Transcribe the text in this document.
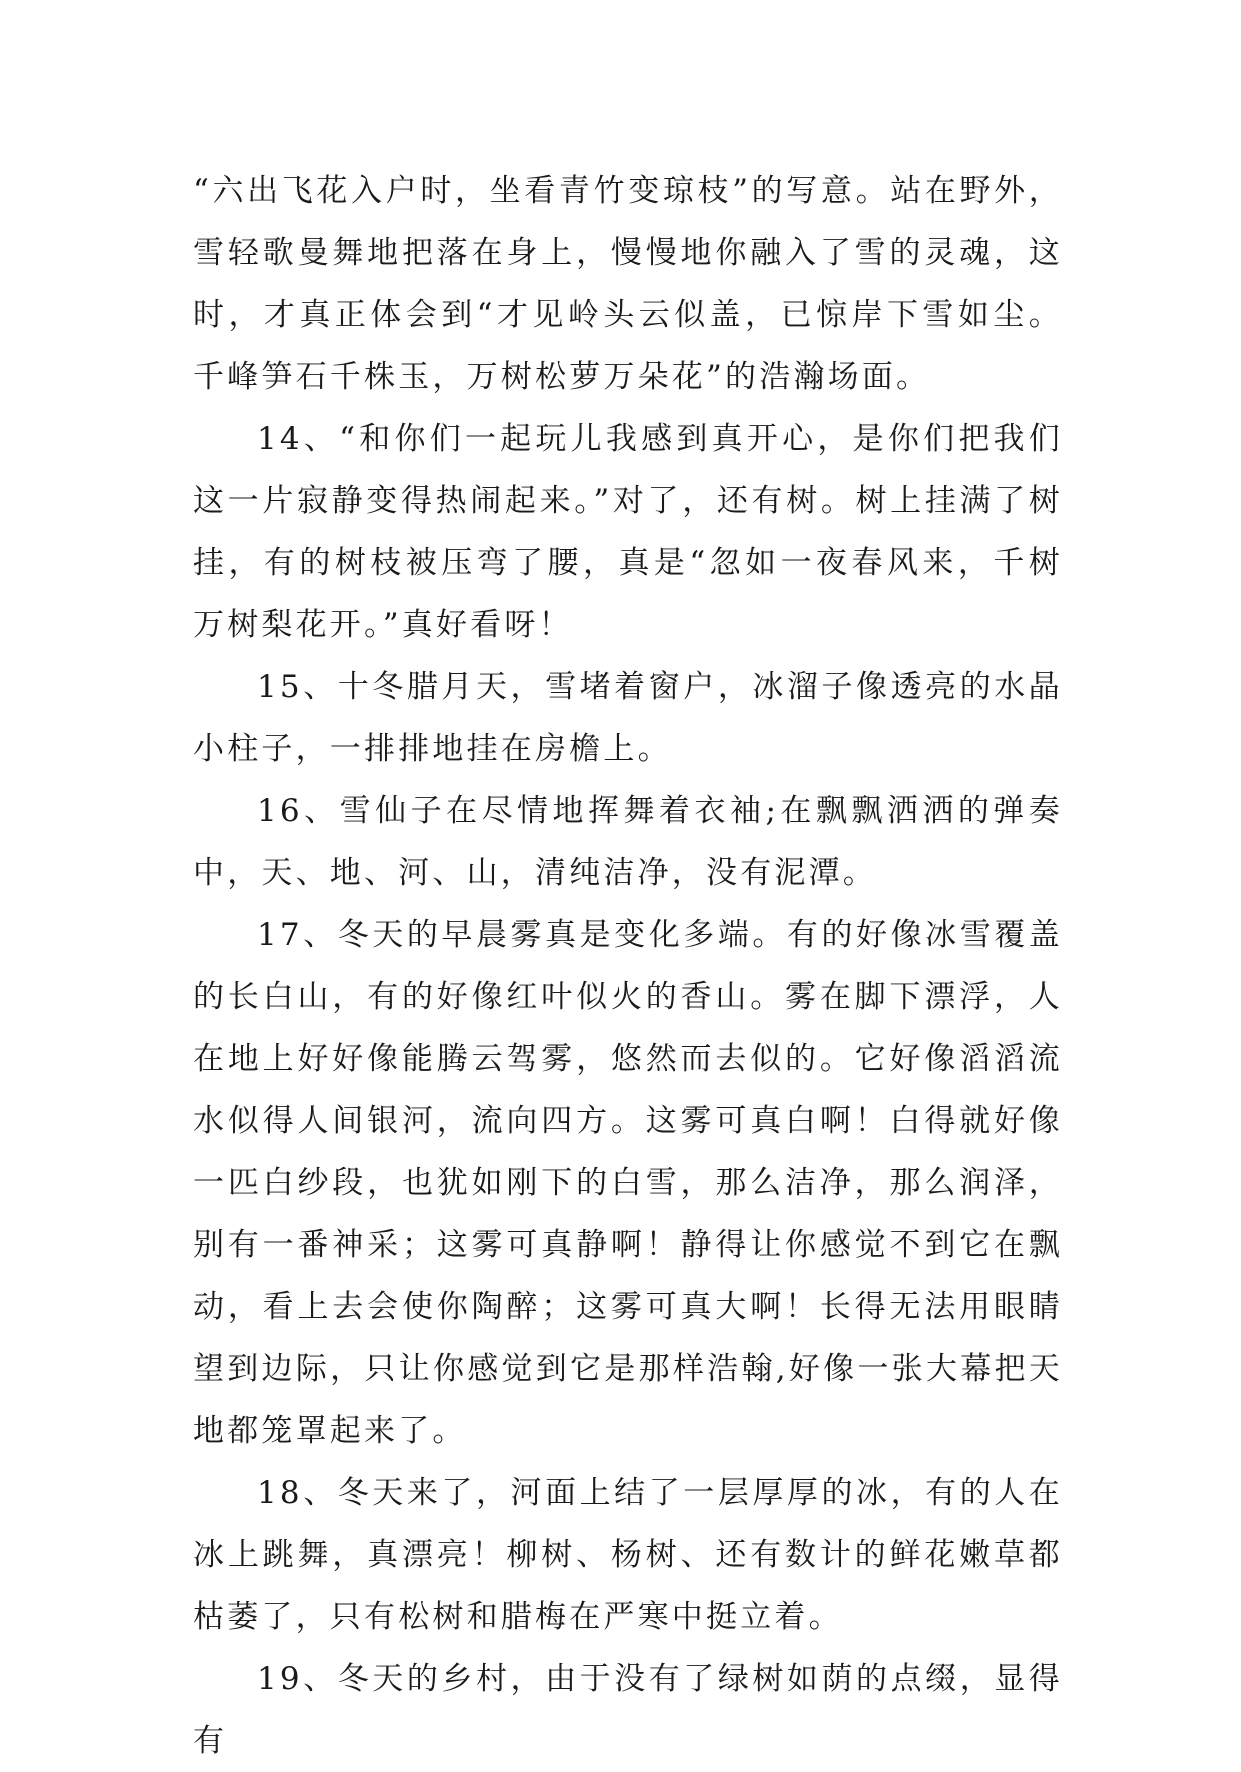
“六出飞花入户时，坐看青竹变琼枝”的写意。站在野外，雪轻歌曼舞地把落在身上，慢慢地你融入了雪的灵魂，这时，才真正体会到“才见岭头云似盖，已惊岸下雪如尘。千峰笋石千株玉，万树松萝万朵花”的浩瀚场面。

14、“和你们一起玩儿我感到真开心，是你们把我们这一片寂静变得热闹起来。”对了，还有树。树上挂满了树挂，有的树枝被压弯了腰，真是“忽如一夜春风来，千树万树梨花开。”真好看呀！

15、十冬腊月天，雪堵着窗户，冰溜子像透亮的水晶小柱子，一排排地挂在房檐上。

16、雪仙子在尽情地挥舞着衣袖;在飘飘洒洒的弹奏中，天、地、河、山，清纯洁净，没有泥潭。

17、冬天的早晨雾真是变化多端。有的好像冰雪覆盖的长白山，有的好像红叶似火的香山。雾在脚下漂浮，人在地上好好像能腾云驾雾，悠然而去似的。它好像滔滔流水似得人间银河，流向四方。这雾可真白啊！白得就好像一匹白纱段，也犹如刚下的白雪，那么洁净，那么润泽，别有一番神采；这雾可真静啊！静得让你感觉不到它在飘动，看上去会使你陶醉；这雾可真大啊！长得无法用眼睛望到边际，只让你感觉到它是那样浩翰,好像一张大幕把天地都笼罩起来了。

18、冬天来了，河面上结了一层厚厚的冰，有的人在冰上跳舞，真漂亮！柳树、杨树、还有数计的鲜花嫩草都枯萎了，只有松树和腊梅在严寒中挺立着。

19、冬天的乡村，由于没有了绿树如荫的点缀，显得有
